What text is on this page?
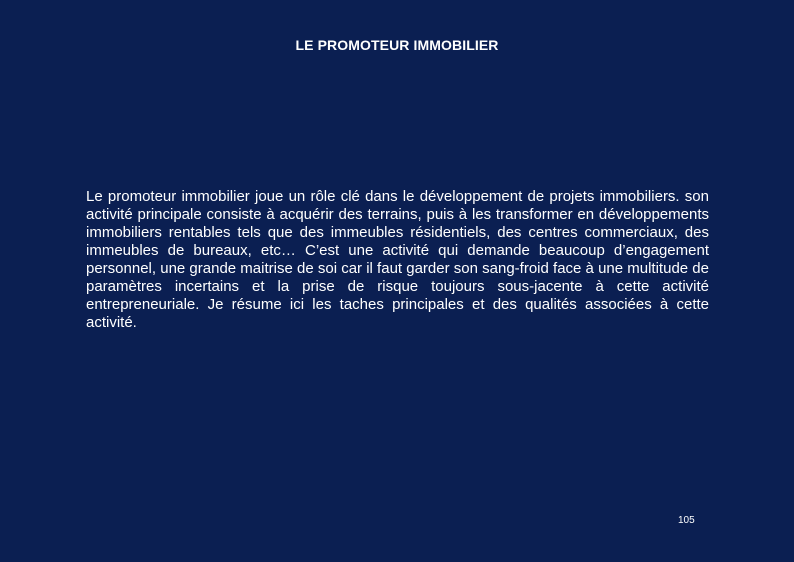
LE PROMOTEUR IMMOBILIER
Le promoteur immobilier joue un rôle clé dans le développement de projets immobiliers. son activité principale consiste à acquérir des terrains, puis à les transformer en développements immobiliers rentables tels que des immeubles résidentiels, des centres commerciaux, des immeubles de bureaux, etc… C’est une activité qui demande beaucoup d’engagement personnel, une grande maitrise de soi car il faut garder son sang-froid face à une multitude de paramètres incertains et la prise de risque toujours sous-jacente à cette activité entrepreneuriale. Je résume ici les taches principales et des qualités associées à cette activité.
105
